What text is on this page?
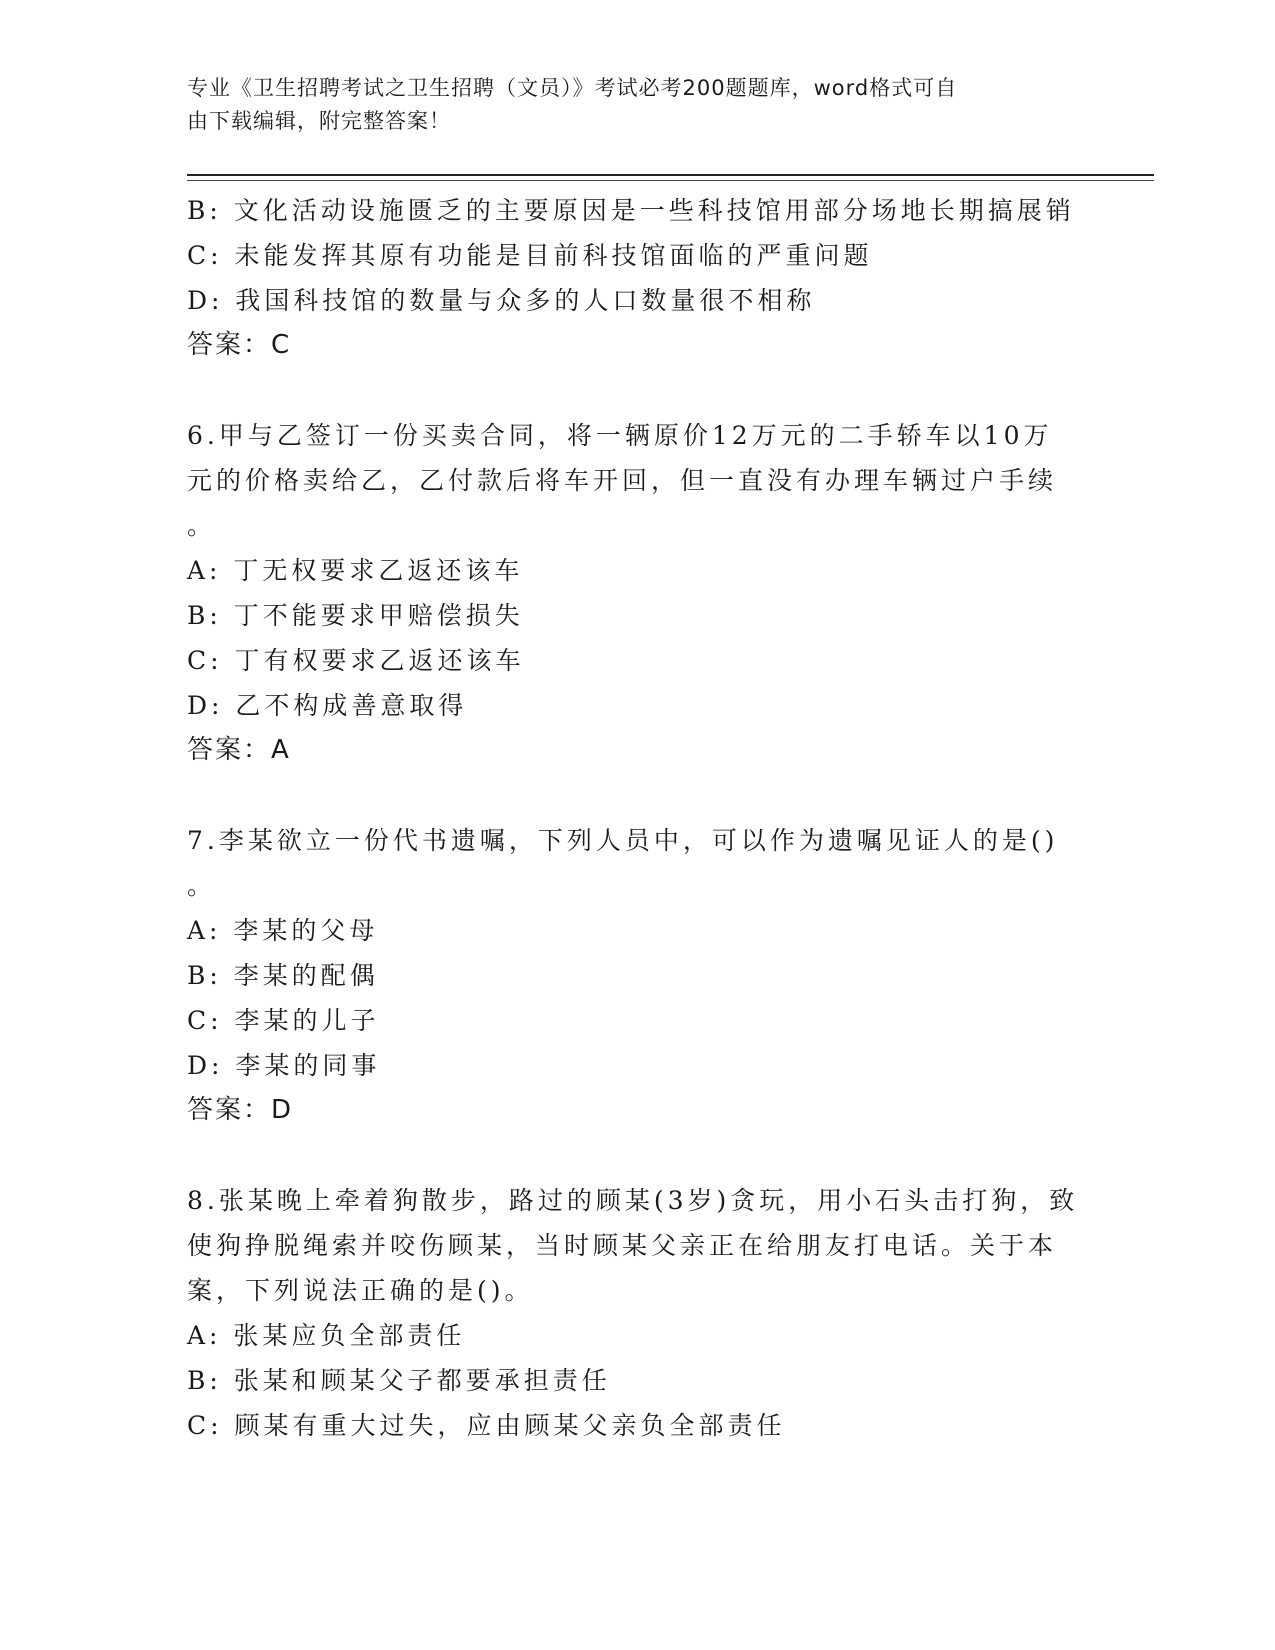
专业《卫生招聘考试之卫生招聘（文员）》考试必考200题题库，word格式可自
由下载编辑，附完整答案！
B: 文化活动设施匮乏的主要原因是一些科技馆用部分场地长期搞展销
C: 未能发挥其原有功能是目前科技馆面临的严重问题
D: 我国科技馆的数量与众多的人口数量很不相称
答案：C
6.甲与乙签订一份买卖合同，将一辆原价12万元的二手轿车以10万
元的价格卖给乙，乙付款后将车开回，但一直没有办理车辆过户手续
。
A: 丁无权要求乙返还该车
B: 丁不能要求甲赔偿损失
C: 丁有权要求乙返还该车
D: 乙不构成善意取得
答案：A
7.李某欲立一份代书遗嘱，下列人员中，可以作为遗嘱见证人的是()
。
A: 李某的父母
B: 李某的配偶
C: 李某的儿子
D: 李某的同事
答案：D
8.张某晚上牵着狗散步，路过的顾某(3岁)贪玩，用小石头击打狗，致
使狗挣脱绳索并咬伤顾某，当时顾某父亲正在给朋友打电话。关于本
案，下列说法正确的是()。
A: 张某应负全部责任
B: 张某和顾某父子都要承担责任
C: 顾某有重大过失，应由顾某父亲负全部责任
